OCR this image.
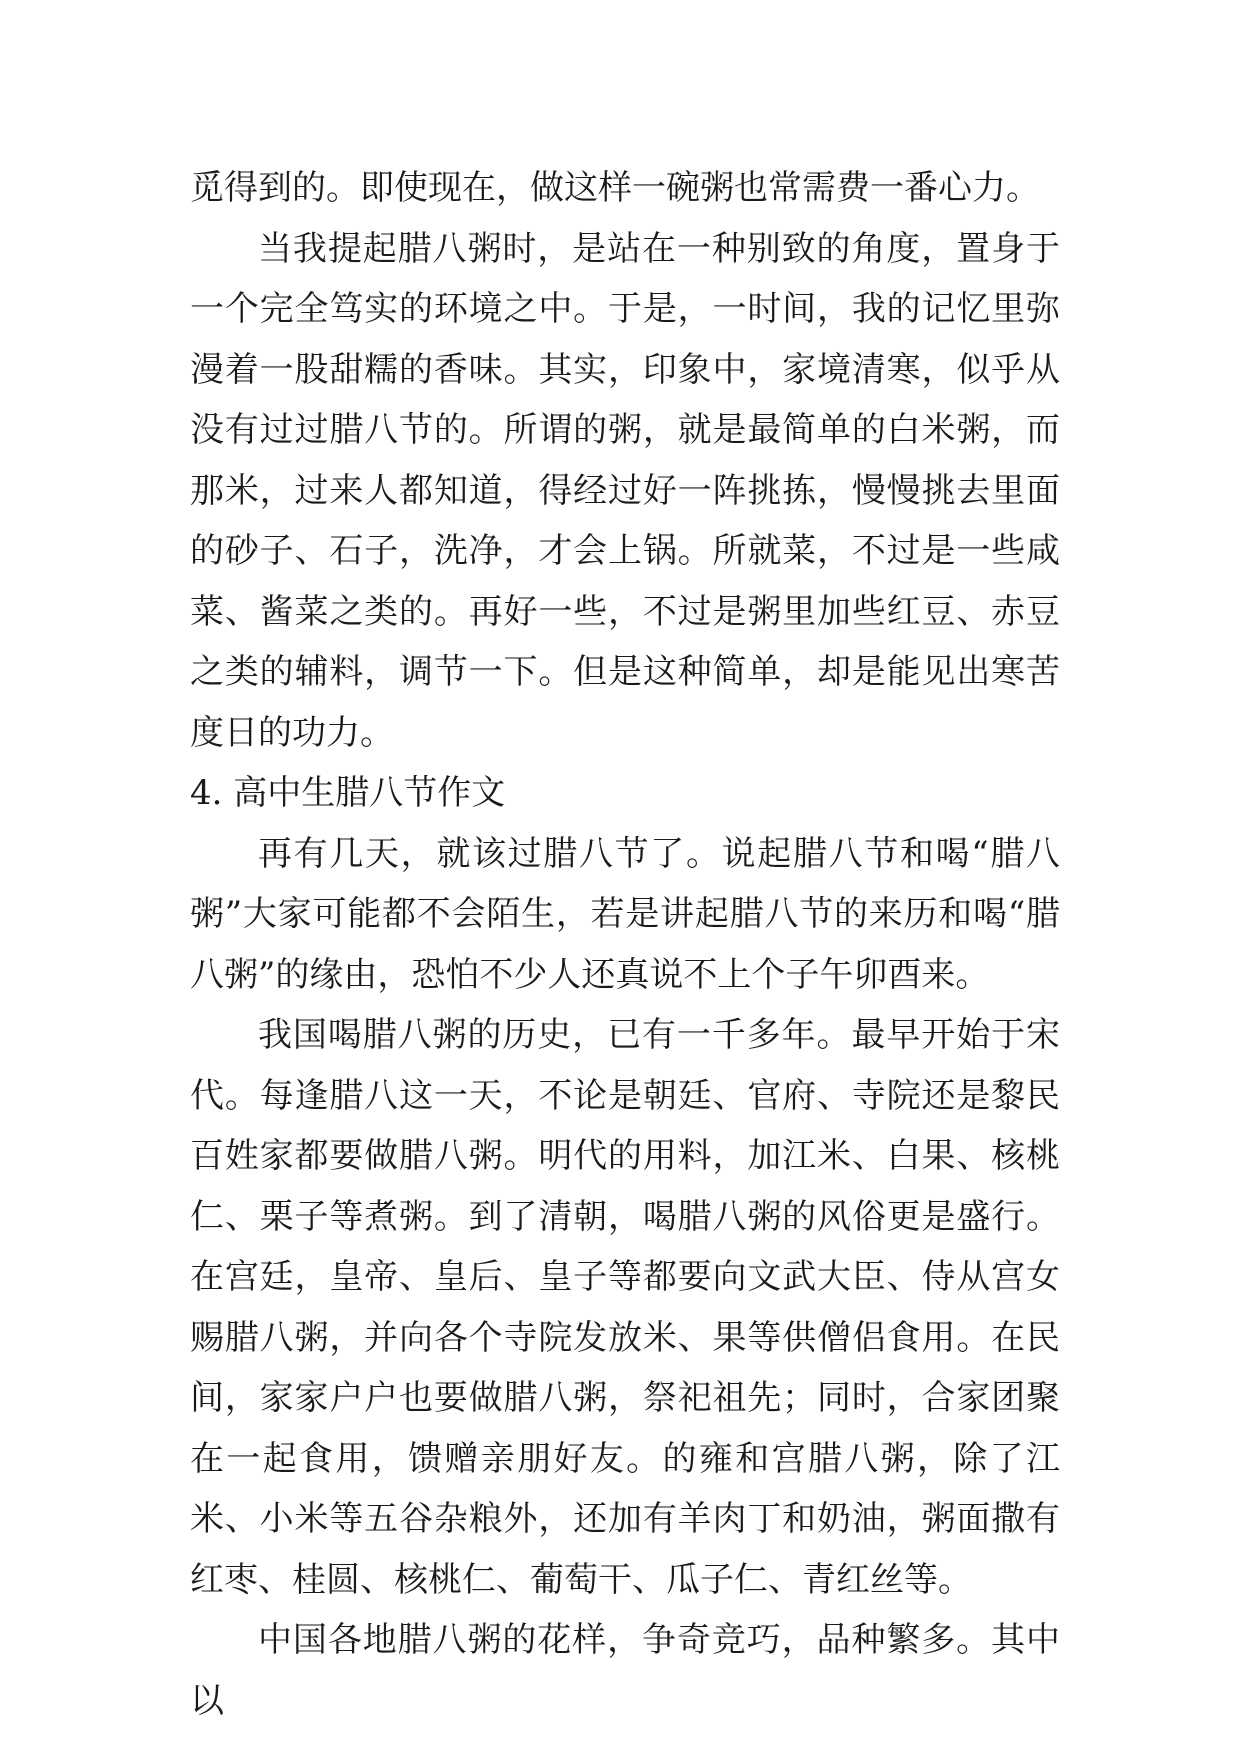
觅得到的。即使现在，做这样一碗粥也常需费一番心力。

当我提起腊八粥时，是站在一种别致的角度，置身于一个完全笃实的环境之中。于是，一时间，我的记忆里弥漫着一股甜糯的香味。其实，印象中，家境清寒，似乎从没有过过腊八节的。所谓的粥，就是最简单的白米粥，而那米，过来人都知道，得经过好一阵挑拣，慢慢挑去里面的砂子、石子，洗净，才会上锅。所就菜，不过是一些咸菜、酱菜之类的。再好一些，不过是粥里加些红豆、赤豆之类的辅料，调节一下。但是这种简单，却是能见出寒苦度日的功力。

4. 高中生腊八节作文

再有几天，就该过腊八节了。说起腊八节和喝“腊八粥”大家可能都不会陌生，若是讲起腊八节的来历和喝“腊八粥”的缘由，恐怕不少人还真说不上个子午卯酉来。

我国喝腊八粥的历史，已有一千多年。最早开始于宋代。每逢腊八这一天，不论是朝廷、官府、寺院还是黎民百姓家都要做腊八粥。明代的用料，加江米、白果、核桃仁、栗子等煮粥。到了清朝，喝腊八粥的风俗更是盛行。在宫廷，皇帝、皇后、皇子等都要向文武大臣、侍从宫女赐腊八粥，并向各个寺院发放米、果等供僧侣食用。在民间，家家户户也要做腊八粥，祭祀祖先；同时，合家团聚在一起食用，馈赠亲朋好友。的雍和宫腊八粥，除了江米、小米等五谷杂粮外，还加有羊肉丁和奶油，粥面撒有红枣、桂圆、核桃仁、葡萄干、瓜子仁、青红丝等。

中国各地腊八粥的花样，争奇竞巧，品种繁多。其中以
